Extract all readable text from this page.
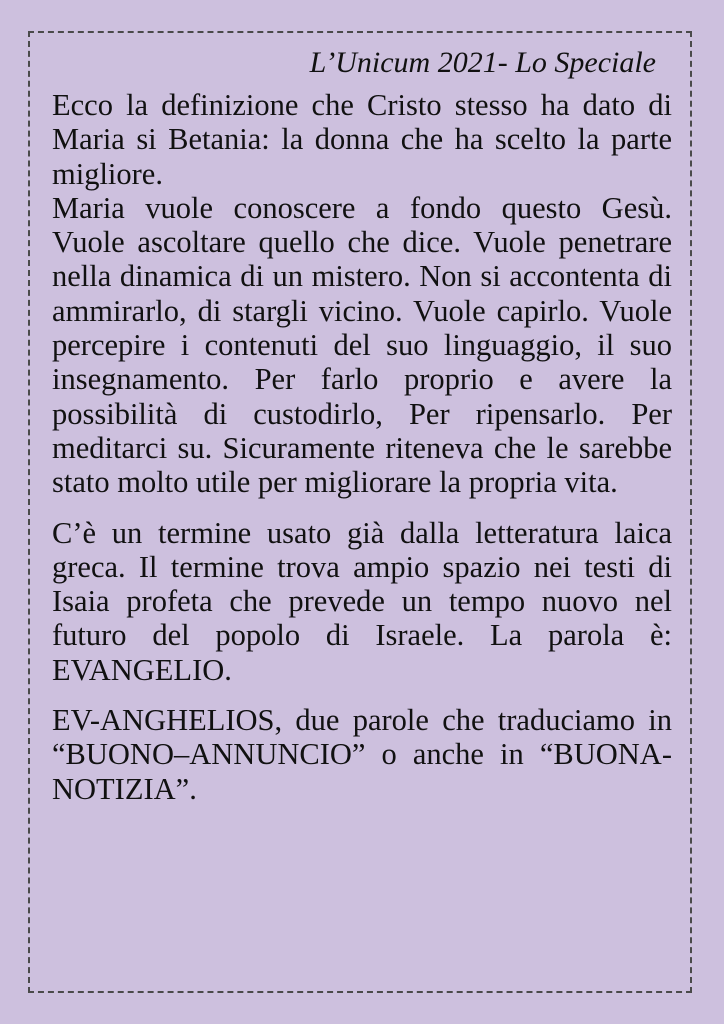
L’Unicum 2021- Lo Speciale

Ecco la definizione che Cristo stesso ha dato di Maria si Betania: la donna che ha scelto la parte migliore.

Maria vuole conoscere a fondo questo Gesù. Vuole ascoltare quello che dice. Vuole penetrare nella dinamica di un mistero. Non si accontenta di ammirarlo, di stargli vicino. Vuole capirlo. Vuole percepire i contenuti del suo linguaggio, il suo insegnamento. Per farlo proprio e avere la possibilità di custodirlo, Per ripensarlo. Per meditarci su. Sicuramente riteneva che le sarebbe stato molto utile per migliorare la propria vita.

C’è un termine usato già dalla letteratura laica greca. Il termine trova ampio spazio nei testi di Isaia profeta che prevede un tempo nuovo nel futuro del popolo di Israele. La parola è: EVANGELIO.

EV-ANGHELIOS, due parole che traduciamo in “BUONO–ANNUNCIO” o anche in “BUONA-NOTIZIA”.
